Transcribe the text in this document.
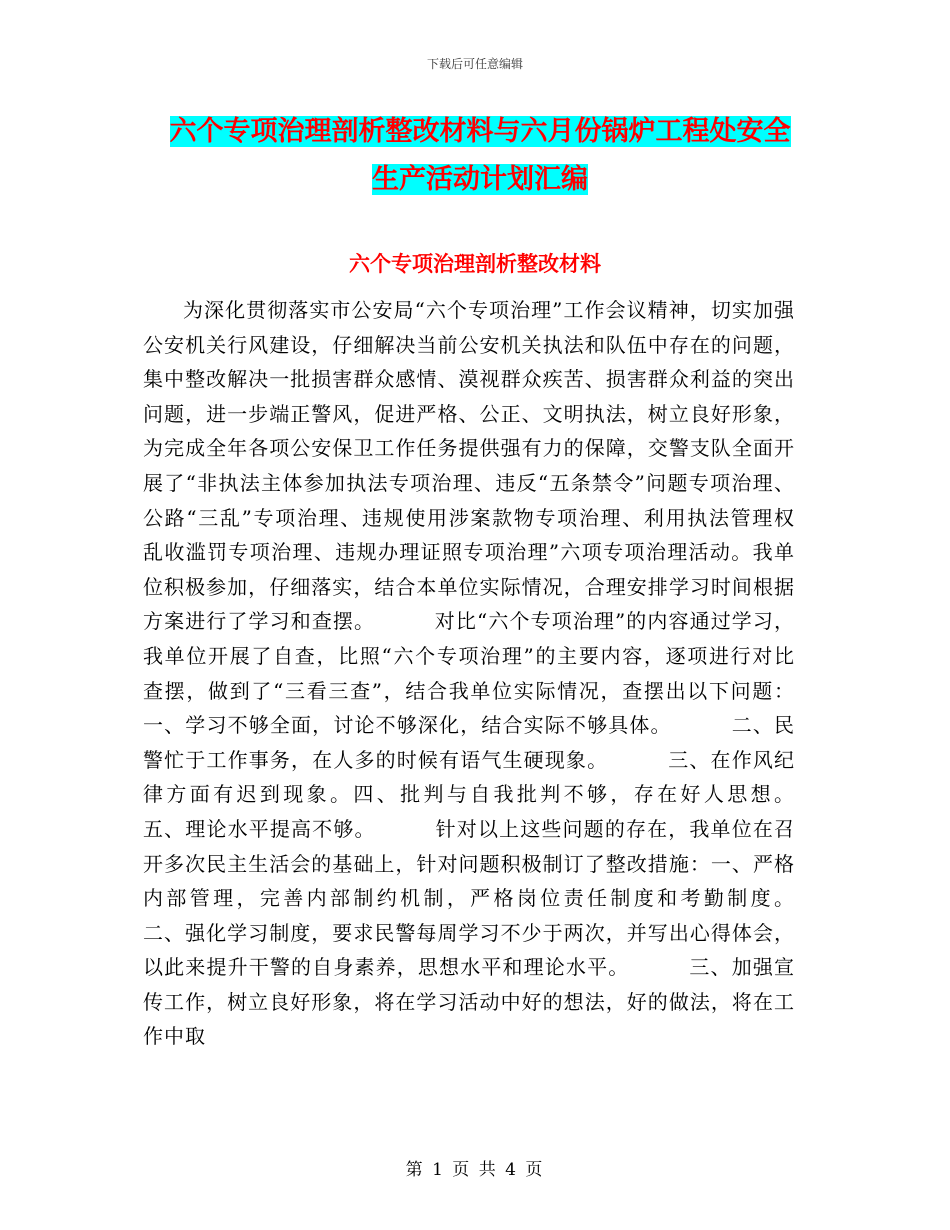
下载后可任意编辑
六个专项治理剖析整改材料与六月份锅炉工程处安全
生产活动计划汇编
六个专项治理剖析整改材料
为深化贯彻落实市公安局“六个专项治理”工作会议精神，切实加强公安机关行风建设，仔细解决当前公安机关执法和队伍中存在的问题，集中整改解决一批损害群众感情、漠视群众疾苦、损害群众利益的突出问题，进一步端正警风，促进严格、公正、文明执法，树立良好形象，为完成全年各项公安保卫工作任务提供强有力的保障，交警支队全面开展了“非执法主体参加执法专项治理、违反“五条禁令”问题专项治理、公路“三乱”专项治理、违规使用涉案款物专项治理、利用执法管理权乱收滥罚专项治理、违规办理证照专项治理”六项专项治理活动。我单位积极参加，仔细落实，结合本单位实际情况，合理安排学习时间根据方案进行了学习和查摆。        对比“六个专项治理”的内容通过学习，我单位开展了自查，比照“六个专项治理”的主要内容，逐项进行对比查摆，做到了“三看三查”，结合我单位实际情况，查摆出以下问题：        一、学习不够全面，讨论不够深化，结合实际不够具体。        二、民警忙于工作事务，在人多的时候有语气生硬现象。        三、在作风纪律方面有迟到现象。四、批判与自我批判不够，存在好人思想。        五、理论水平提高不够。        针对以上这些问题的存在，我单位在召开多次民主生活会的基础上，针对问题积极制订了整改措施：一、严格内部管理，完善内部制约机制，严格岗位责任制度和考勤制度。        二、强化学习制度，要求民警每周学习不少于两次，并写出心得体会，以此来提升干警的自身素养，思想水平和理论水平。        三、加强宣传工作，树立良好形象，将在学习活动中好的想法，好的做法，将在工作中取
第 1 页 共 4 页
